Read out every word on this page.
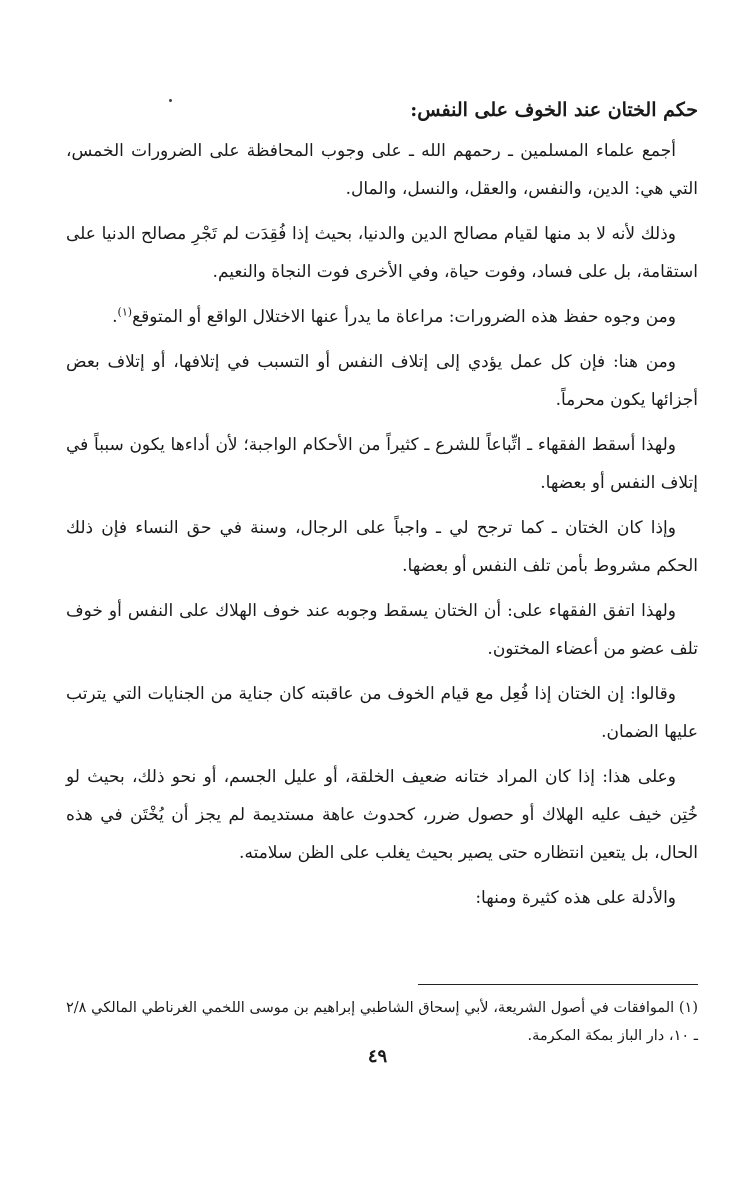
حكم الختان عند الخوف على النفس:

أجمع علماء المسلمين ـ رحمهم الله ـ على وجوب المحافظة على الضرورات الخمس، التي هي: الدين، والنفس، والعقل، والنسل، والمال.

وذلك لأنه لا بد منها لقيام مصالح الدين والدنيا، بحيث إذا فُقِدَت لم تَجْرِ مصالح الدنيا على استقامة، بل على فساد، وفوت حياة، وفي الأخرى فوت النجاة والنعيم.

ومن وجوه حفظ هذه الضرورات: مراعاة ما يدرأ عنها الاختلال الواقع أو المتوقع$^{(١)}$.

ومن هنا: فإن كل عمل يؤدي إلى إتلاف النفس أو التسبب في إتلافها، أو إتلاف بعض أجزائها يكون محرماً.

ولهذا أسقط الفقهاء ـ اتِّباعاً للشرع ـ كثيراً من الأحكام الواجبة؛ لأن أداءها يكون سبباً في إتلاف النفس أو بعضها.

وإذا كان الختان ـ كما ترجح لي ـ واجباً على الرجال، وسنة في حق النساء فإن ذلك الحكم مشروط بأمن تلف النفس أو بعضها.

ولهذا اتفق الفقهاء على: أن الختان يسقط وجوبه عند خوف الهلاك على النفس أو خوف تلف عضو من أعضاء المختون.

وقالوا: إن الختان إذا فُعِل مع قيام الخوف من عاقبته كان جناية من الجنايات التي يترتب عليها الضمان.

وعلى هذا: إذا كان المراد ختانه ضعيف الخلقة، أو عليل الجسم، أو نحو ذلك، بحيث لو خُتِن خيف عليه الهلاك أو حصول ضرر، كحدوث عاهة مستديمة لم يجز أن يُخْتَن في هذه الحال، بل يتعين انتظاره حتى يصير بحيث يغلب على الظن سلامته.

والأدلة على هذه كثيرة ومنها:

(١) الموافقات في أصول الشريعة، لأبي إسحاق الشاطبي إبراهيم بن موسى اللخمي الغرناطي المالكي ٢/٨ ـ ١٠، دار الباز بمكة المكرمة.
٤٩
